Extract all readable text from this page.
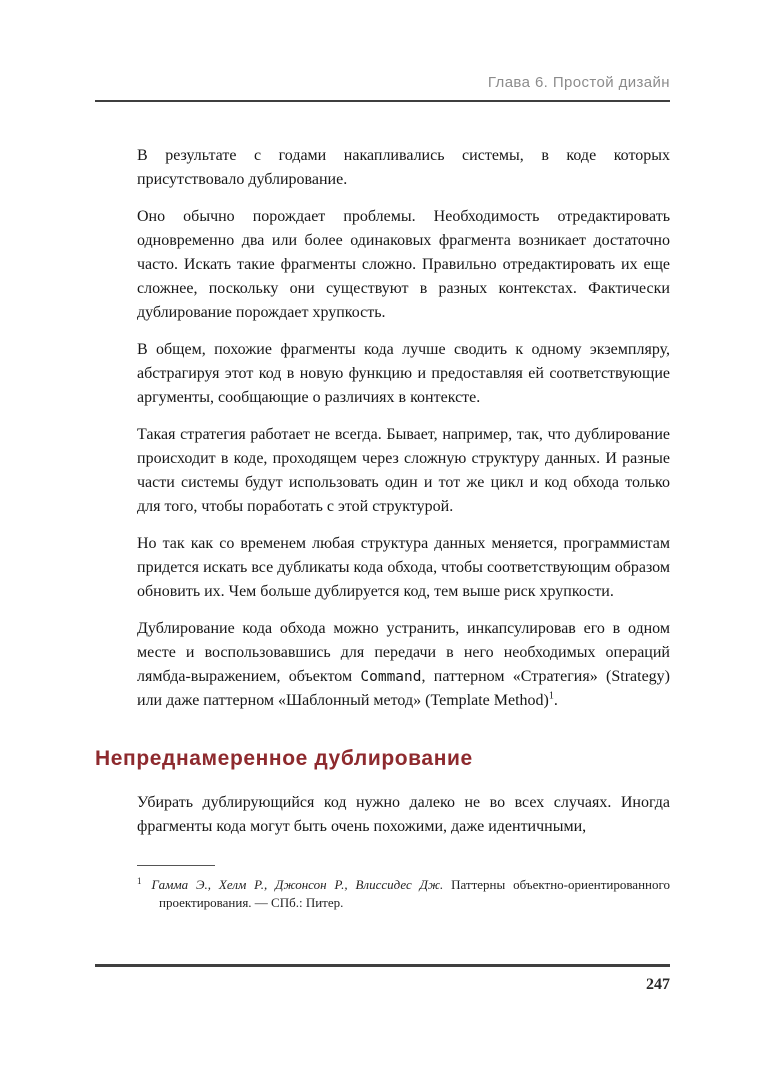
Глава 6. Простой дизайн

В результате с годами накапливались системы, в коде которых присутствовало дублирование.

Оно обычно порождает проблемы. Необходимость отредактировать одновременно два или более одинаковых фрагмента возникает достаточно часто. Искать такие фрагменты сложно. Правильно отредактировать их еще сложнее, поскольку они существуют в разных контекстах. Фактически дублирование порождает хрупкость.

В общем, похожие фрагменты кода лучше сводить к одному экземпляру, абстрагируя этот код в новую функцию и предоставляя ей соответствующие аргументы, сообщающие о различиях в контексте.

Такая стратегия работает не всегда. Бывает, например, так, что дублирование происходит в коде, проходящем через сложную структуру данных. И разные части системы будут использовать один и тот же цикл и код обхода только для того, чтобы поработать с этой структурой.

Но так как со временем любая структура данных меняется, программистам придется искать все дубликаты кода обхода, чтобы соответствующим образом обновить их. Чем больше дублируется код, тем выше риск хрупкости.

Дублирование кода обхода можно устранить, инкапсулировав его в одном месте и воспользовавшись для передачи в него необходимых операций лямбда-выражением, объектом Command, паттерном «Стратегия» (Strategy) или даже паттерном «Шаблонный метод» (Template Method)$^1$.

Непреднамеренное дублирование

Убирать дублирующийся код нужно далеко не во всех случаях. Иногда фрагменты кода могут быть очень похожими, даже идентичными,

$^1$ Гамма Э., Хелм Р., Джонсон Р., Влиссидес Дж. Паттерны объектно-ориентированного проектирования. — СПб.: Питер.

247
